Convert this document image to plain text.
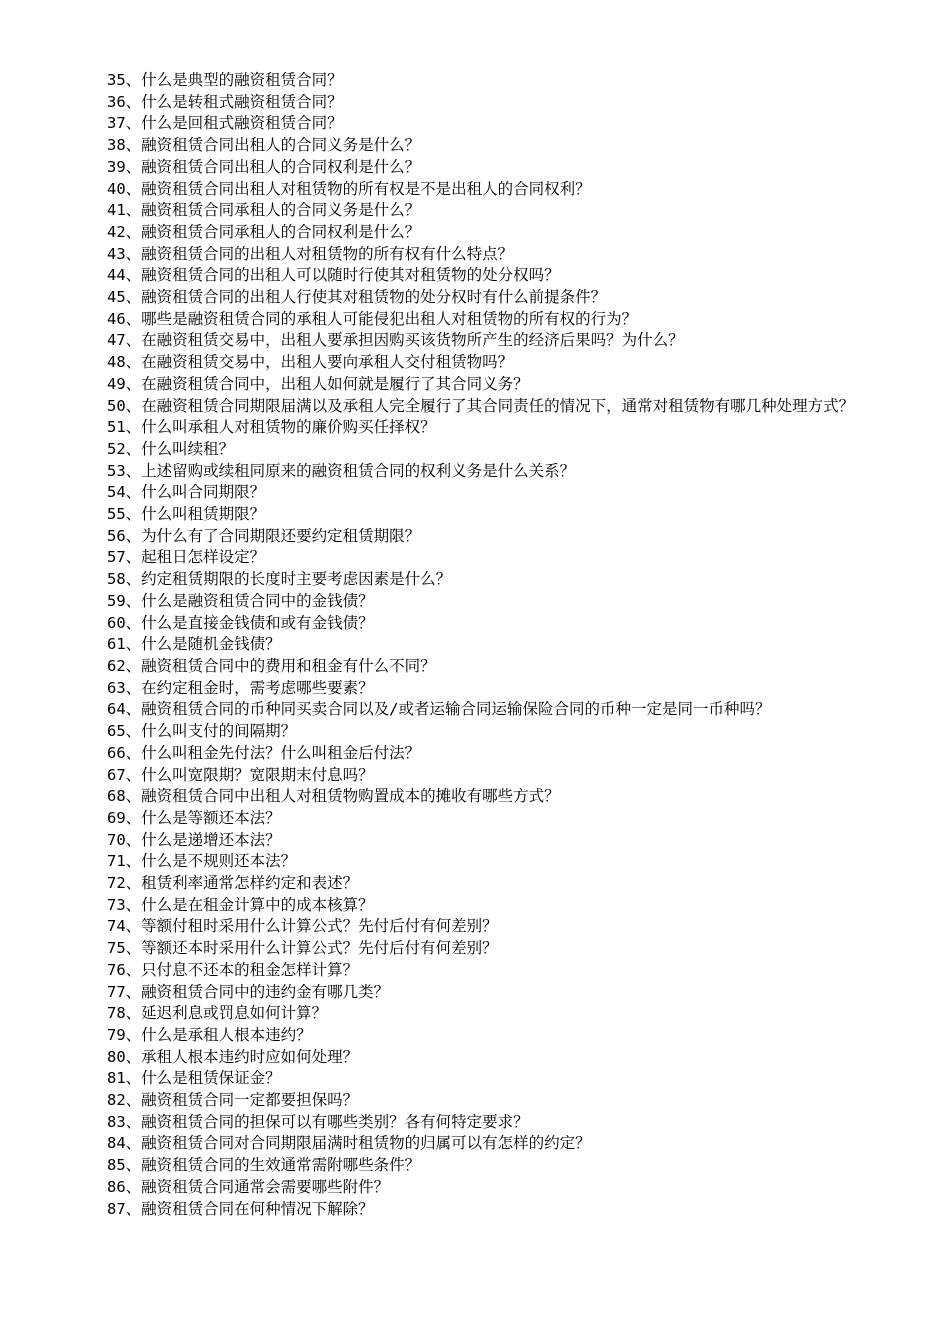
35、什么是典型的融资租赁合同？
36、什么是转租式融资租赁合同？
37、什么是回租式融资租赁合同？
38、融资租赁合同出租人的合同义务是什么？
39、融资租赁合同出租人的合同权利是什么？
40、融资租赁合同出租人对租赁物的所有权是不是出租人的合同权利？
41、融资租赁合同承租人的合同义务是什么？
42、融资租赁合同承租人的合同权利是什么？
43、融资租赁合同的出租人对租赁物的所有权有什么特点？
44、融资租赁合同的出租人可以随时行使其对租赁物的处分权吗？
45、融资租赁合同的出租人行使其对租赁物的处分权时有什么前提条件？
46、哪些是融资租赁合同的承租人可能侵犯出租人对租赁物的所有权的行为？
47、在融资租赁交易中，出租人要承担因购买该货物所产生的经济后果吗？为什么？
48、在融资租赁交易中，出租人要向承租人交付租赁物吗？
49、在融资租赁合同中，出租人如何就是履行了其合同义务？
50、在融资租赁合同期限届满以及承租人完全履行了其合同责任的情况下，通常对租赁物有哪几种处理方式？
51、什么叫承租人对租赁物的廉价购买任择权？
52、什么叫续租？
53、上述留购或续租同原来的融资租赁合同的权利义务是什么关系？
54、什么叫合同期限？
55、什么叫租赁期限？
56、为什么有了合同期限还要约定租赁期限？
57、起租日怎样设定？
58、约定租赁期限的长度时主要考虑因素是什么？
59、什么是融资租赁合同中的金钱债？
60、什么是直接金钱债和或有金钱债？
61、什么是随机金钱债？
62、融资租赁合同中的费用和租金有什么不同？
63、在约定租金时，需考虑哪些要素？
64、融资租赁合同的币种同买卖合同以及/或者运输合同运输保险合同的币种一定是同一币种吗？
65、什么叫支付的间隔期？
66、什么叫租金先付法？什么叫租金后付法？
67、什么叫宽限期？宽限期末付息吗？
68、融资租赁合同中出租人对租赁物购置成本的摊收有哪些方式？
69、什么是等额还本法？
70、什么是递增还本法？
71、什么是不规则还本法？
72、租赁利率通常怎样约定和表述？
73、什么是在租金计算中的成本核算？
74、等额付租时采用什么计算公式？先付后付有何差别？
75、等额还本时采用什么计算公式？先付后付有何差别？
76、只付息不还本的租金怎样计算？
77、融资租赁合同中的违约金有哪几类？
78、延迟利息或罚息如何计算？
79、什么是承租人根本违约？
80、承租人根本违约时应如何处理？
81、什么是租赁保证金？
82、融资租赁合同一定都要担保吗？
83、融资租赁合同的担保可以有哪些类别？各有何特定要求？
84、融资租赁合同对合同期限届满时租赁物的归属可以有怎样的约定？
85、融资租赁合同的生效通常需附哪些条件？
86、融资租赁合同通常会需要哪些附件？
87、融资租赁合同在何种情况下解除？
